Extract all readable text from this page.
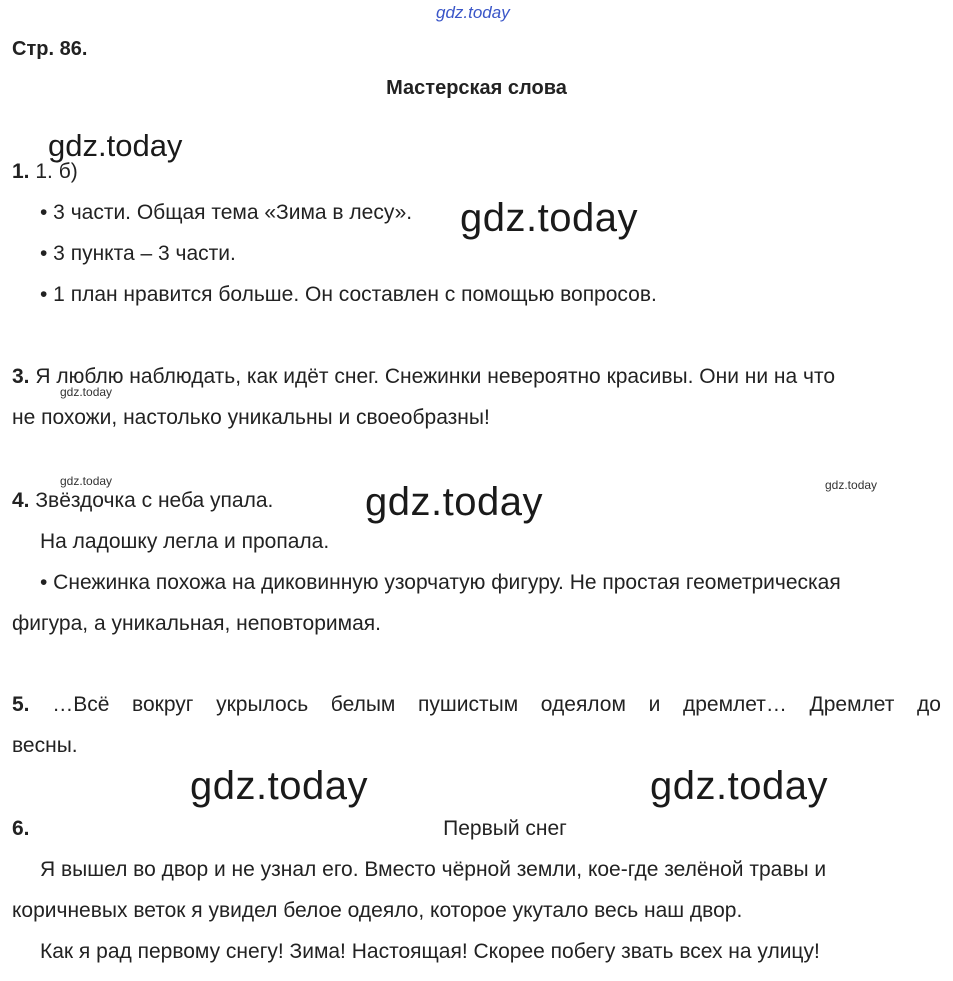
gdz.today
Стр. 86.
Мастерская слова
gdz.today
gdz.today
gdz.today
gdz.today	gdz.today
gdz.today
gdz.today	gdz.today
1. 1. б)
• 3 части. Общая тема «Зима в лесу».
• 3 пункта – 3 части.
• 1 план нравится больше. Он составлен с помощью вопросов.
3. Я люблю наблюдать, как идёт снег. Снежинки невероятно красивы. Они ни на что
не похожи, настолько уникальны и своеобразны!
4. Звёздочка с неба упала.
На ладошку легла и пропала.
• Снежинка похожа на диковинную узорчатую фигуру. Не простая геометрическая
фигура, а уникальная, неповторимая.
5. …Всё вокруг укрылось белым пушистым одеялом и дремлет… Дремлет до
весны.
6.	Первый снег
Я вышел во двор и не узнал его. Вместо чёрной земли, кое-где зелёной травы и
коричневых веток я увидел белое одеяло, которое укутало весь наш двор.
Как я рад первому снегу! Зима! Настоящая! Скорее побегу звать всех на улицу!
